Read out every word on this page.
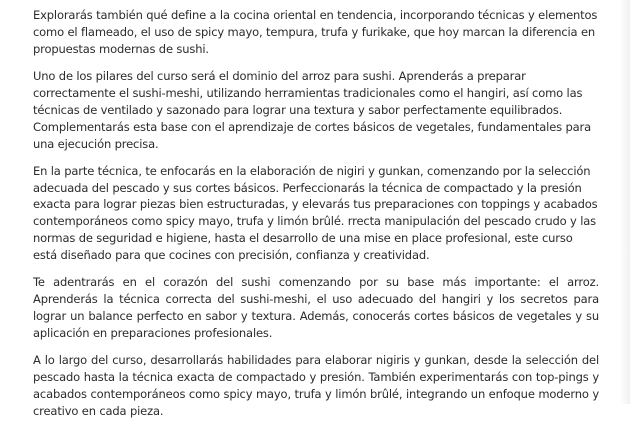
Explorarás también qué define a la cocina oriental en tendencia, incorporando técnicas y elementos como el flameado, el uso de spicy mayo, tempura, trufa y furikake, que hoy marcan la diferencia en propuestas modernas de sushi.

Uno de los pilares del curso será el dominio del arroz para sushi. Aprenderás a preparar correctamente el sushi-meshi, utilizando herramientas tradicionales como el hangiri, así como las técnicas de ventilado y sazonado para lograr una textura y sabor perfectamente equilibrados. Complementarás esta base con el aprendizaje de cortes básicos de vegetales, fundamentales para una ejecución precisa.

En la parte técnica, te enfocarás en la elaboración de nigiri y gunkan, comenzando por la selección adecuada del pescado y sus cortes básicos. Perfeccionarás la técnica de compactado y la presión exacta para lograr piezas bien estructuradas, y elevarás tus preparaciones con toppings y acabados contemporáneos como spicy mayo, trufa y limón brûlé. rrecta manipulación del pescado crudo y las normas de seguridad e higiene, hasta el desarrollo de una mise en place profesional, este curso está diseñado para que cocines con precisión, confianza y creatividad.

Te adentrarás en el corazón del sushi comenzando por su base más importante: el arroz. Aprenderás la técnica correcta del sushi-meshi, el uso adecuado del hangiri y los secretos para lograr un balance perfecto en sabor y textura. Además, conocerás cortes básicos de vegetales y su aplicación en preparaciones profesionales.

A lo largo del curso, desarrollarás habilidades para elaborar nigiris y gunkan, desde la selección del pescado hasta la técnica exacta de compactado y presión. También experimentarás con top-pings y acabados contemporáneos como spicy mayo, trufa y limón brûlé, integrando un enfoque moderno y creativo en cada pieza.
